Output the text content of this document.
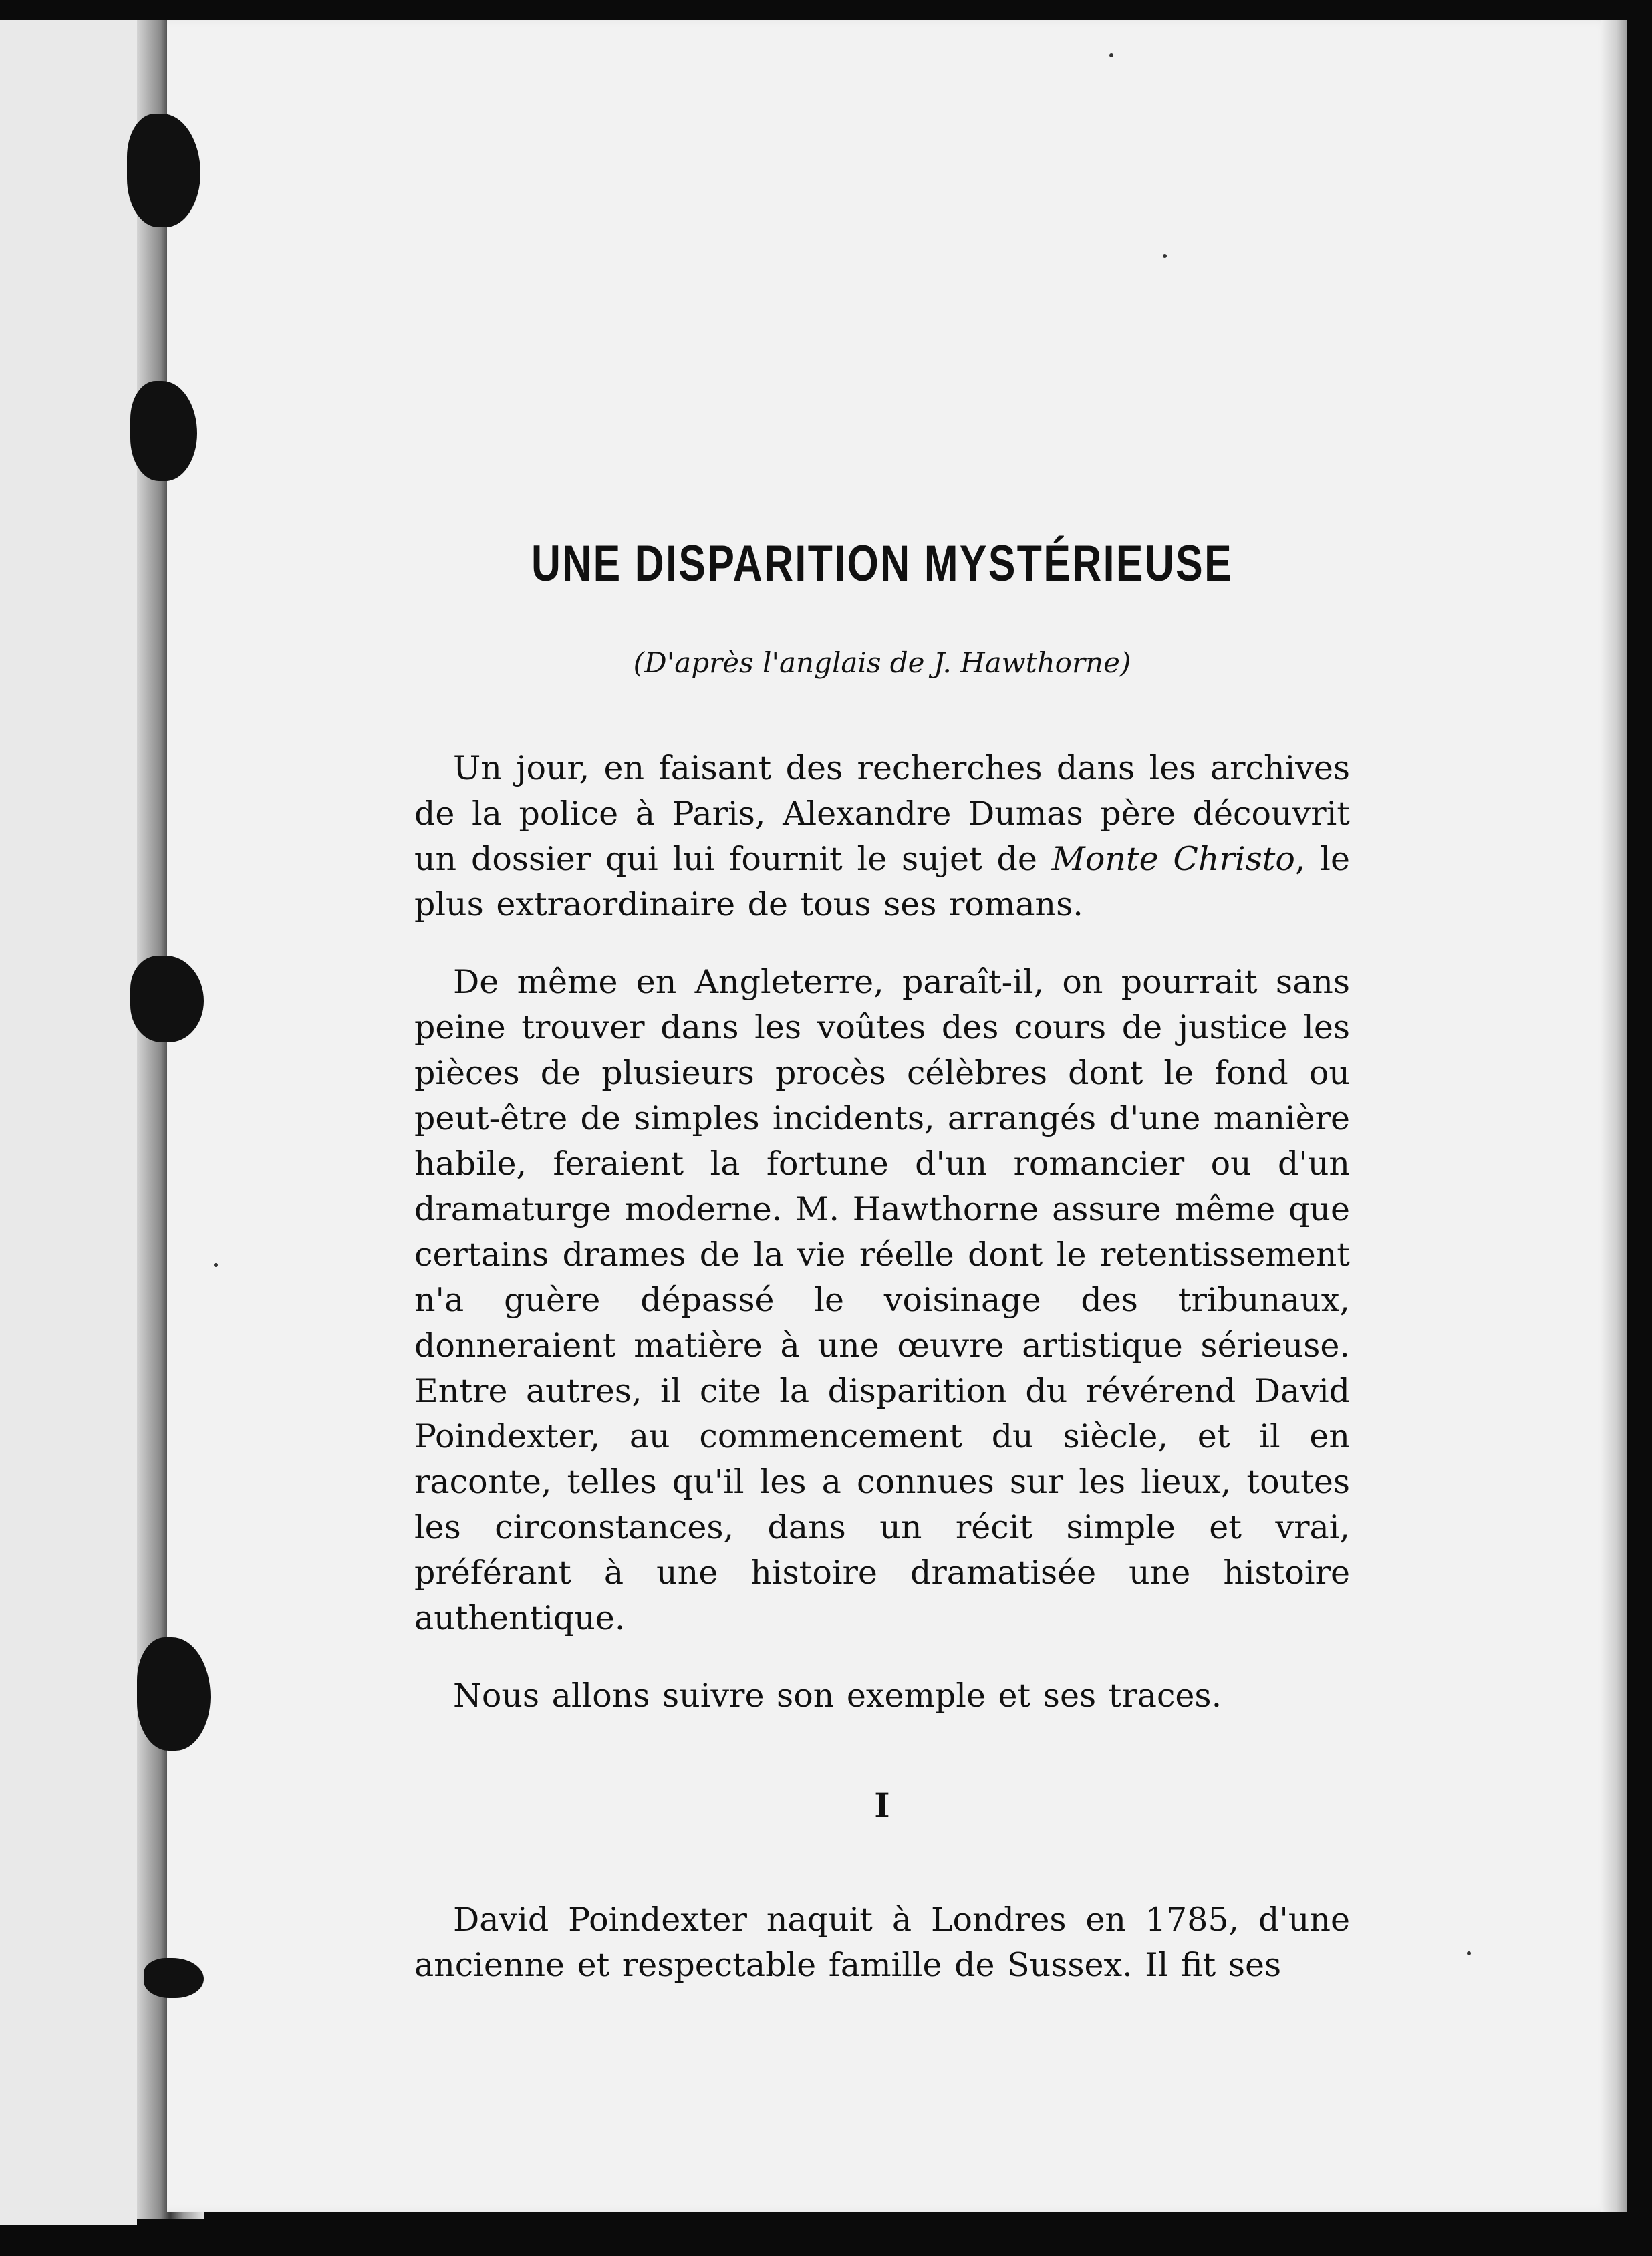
UNE DISPARITION MYSTÉRIEUSE

(D'après l'anglais de J. Hawthorne)

Un jour, en faisant des recherches dans les archives de la police à Paris, Alexandre Dumas père découvrit un dossier qui lui fournit le sujet de Monte Christo, le plus extraordinaire de tous ses romans.

De même en Angleterre, paraît-il, on pourrait sans peine trouver dans les voûtes des cours de justice les pièces de plusieurs procès célèbres dont le fond ou peut-être de simples incidents, arrangés d'une manière habile, feraient la fortune d'un romancier ou d'un dramaturge moderne. M. Hawthorne assure même que certains drames de la vie réelle dont le retentissement n'a guère dépassé le voisinage des tribunaux, donneraient matière à une œuvre artistique sérieuse. Entre autres, il cite la disparition du révérend David Poindexter, au commencement du siècle, et il en raconte, telles qu'il les a connues sur les lieux, toutes les circonstances, dans un récit simple et vrai, préférant à une histoire dramatisée une histoire authentique.

Nous allons suivre son exemple et ses traces.

I

David Poindexter naquit à Londres en 1785, d'une ancienne et respectable famille de Sussex. Il fit ses
